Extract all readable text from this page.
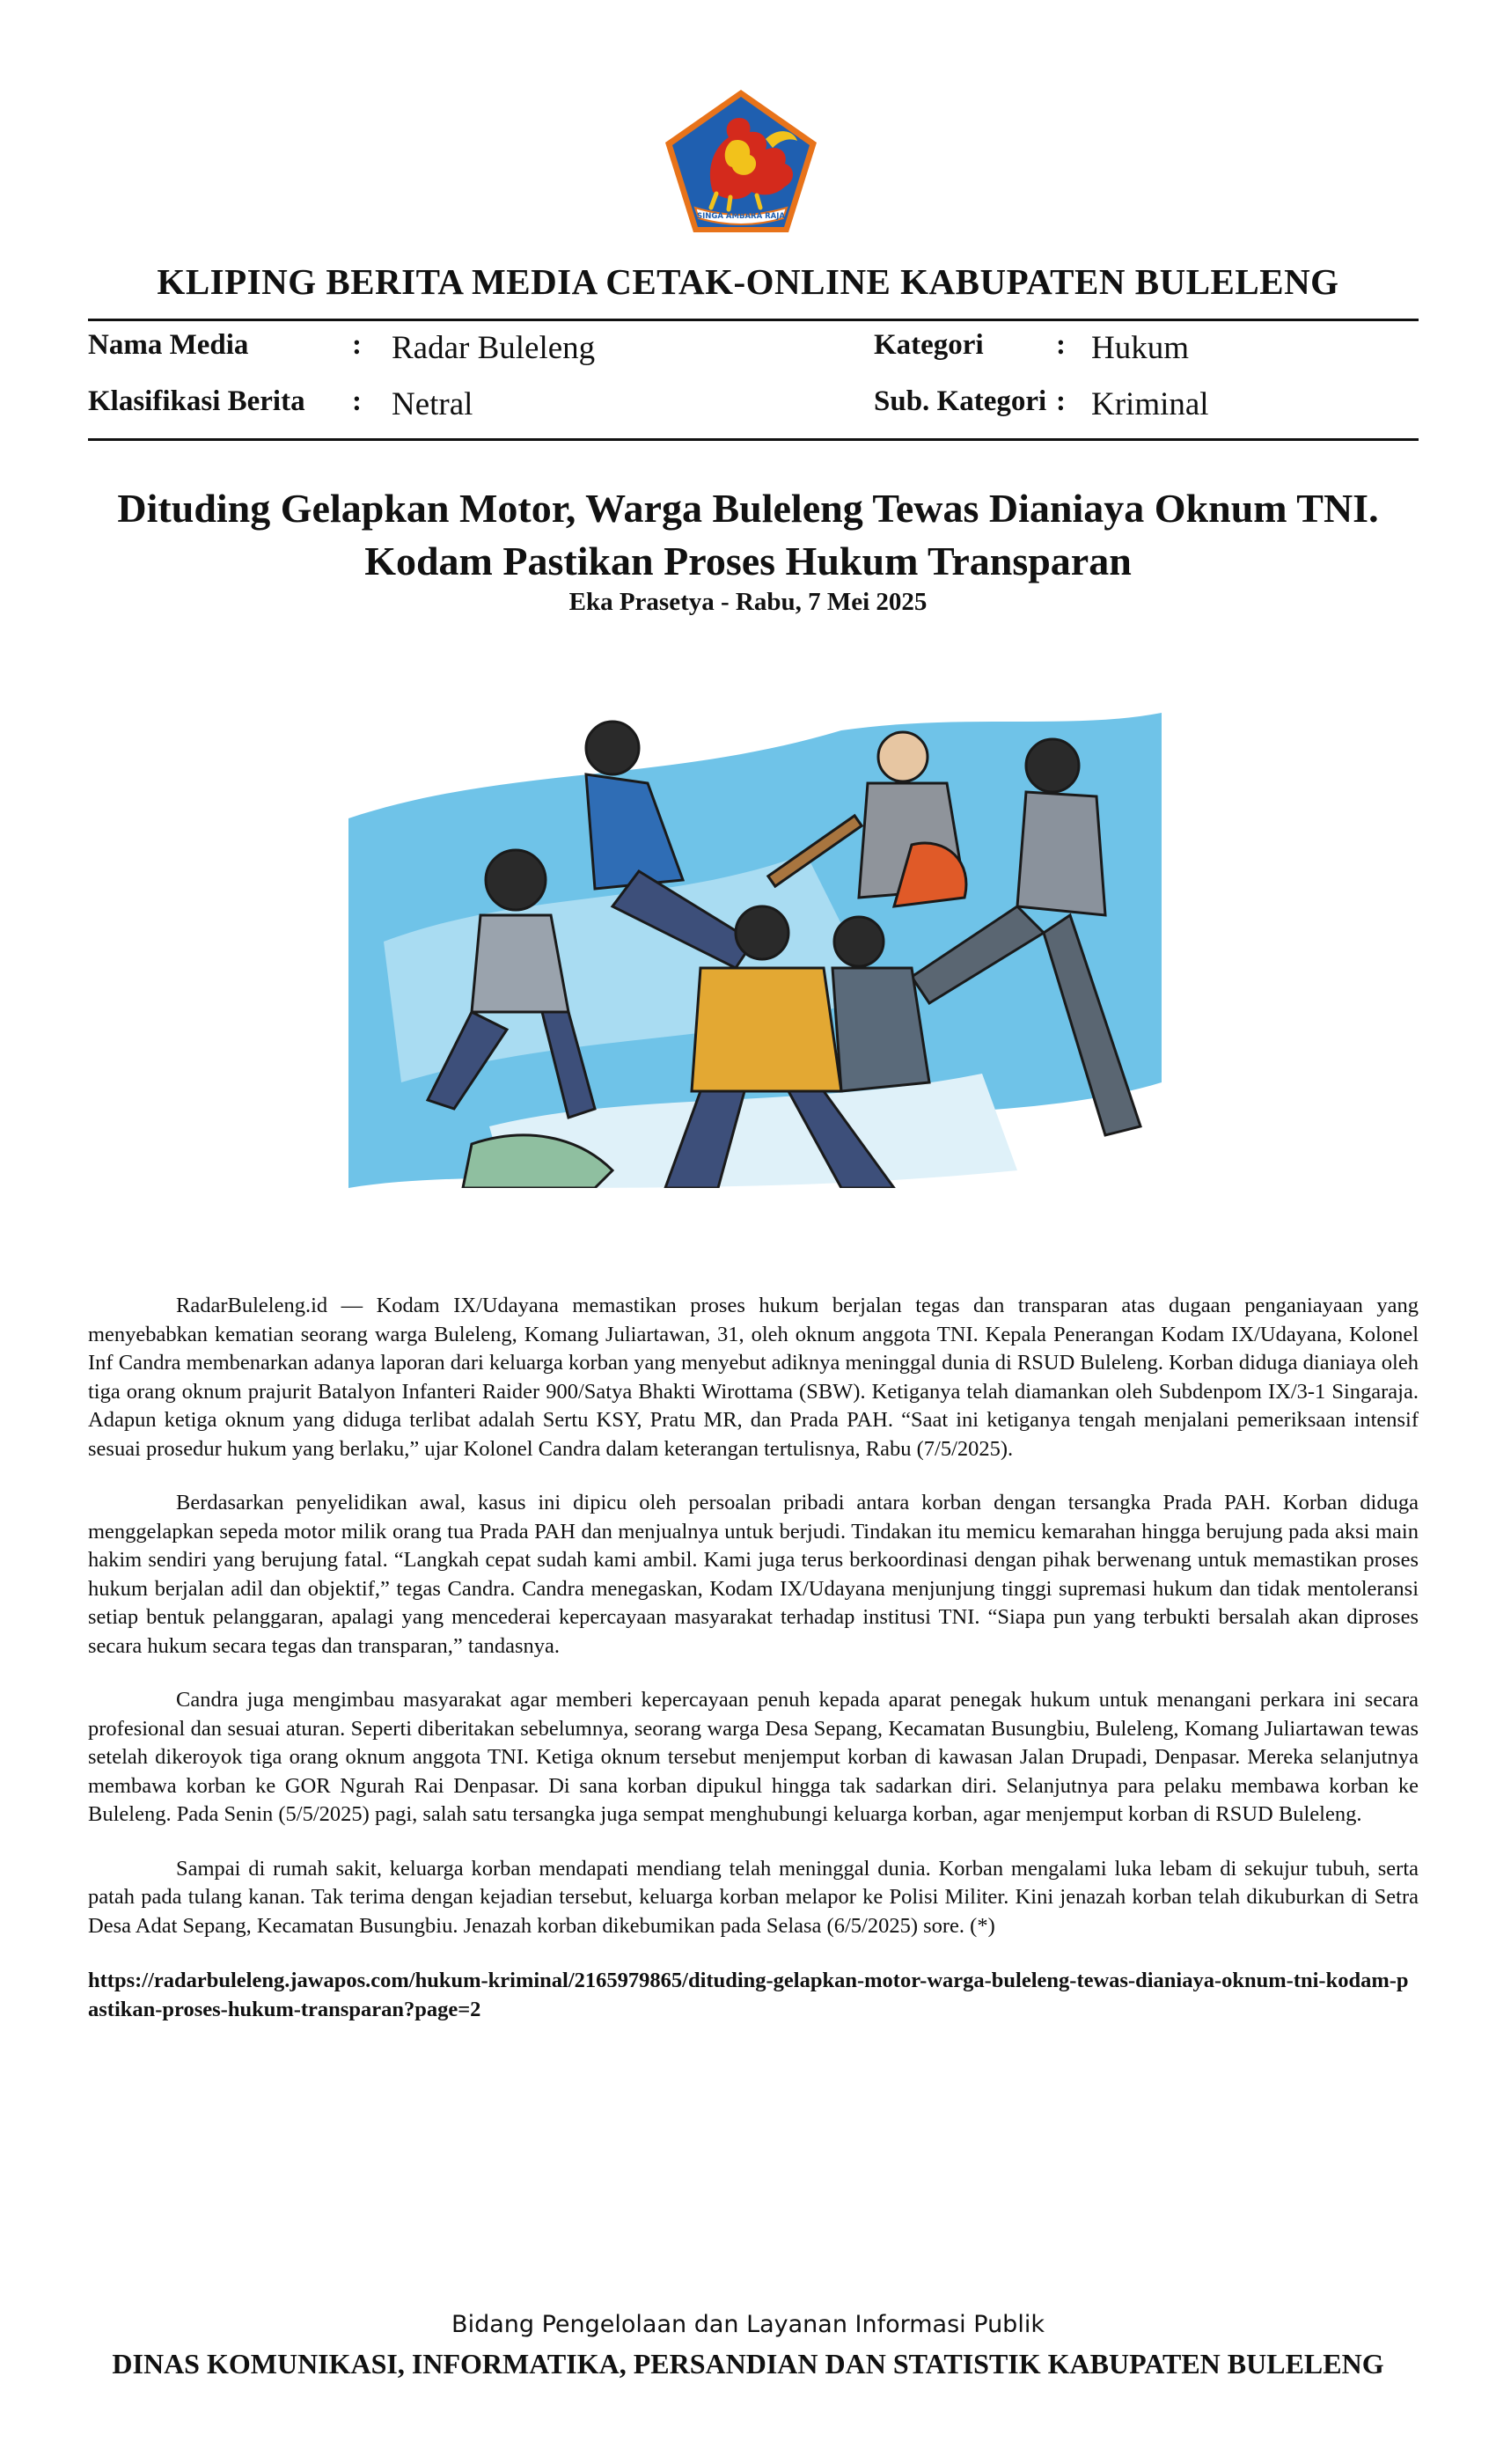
SINGA AMBARA RAJA
KLIPING BERITA MEDIA CETAK-ONLINE KABUPATEN BULELENG
Nama Media	: Radar Buleleng
Klasifikasi Berita : Netral
Kategori : Hukum
Sub. Kategori : Kriminal
Dituding Gelapkan Motor, Warga Buleleng Tewas Dianiaya Oknum TNI. Kodam Pastikan Proses Hukum Transparan
Eka Prasetya - Rabu, 7 Mei 2025

RadarBuleleng.id — Kodam IX/Udayana memastikan proses hukum berjalan tegas dan transparan atas dugaan penganiayaan yang menyebabkan kematian seorang warga Buleleng, Komang Juliartawan, 31, oleh oknum anggota TNI. Kepala Penerangan Kodam IX/Udayana, Kolonel Inf Candra membenarkan adanya laporan dari keluarga korban yang menyebut adiknya meninggal dunia di RSUD Buleleng. Korban diduga dianiaya oleh tiga orang oknum prajurit Batalyon Infanteri Raider 900/Satya Bhakti Wirottama (SBW). Ketiganya telah diamankan oleh Subdenpom IX/3-1 Singaraja. Adapun ketiga oknum yang diduga terlibat adalah Sertu KSY, Pratu MR, dan Prada PAH. “Saat ini ketiganya tengah menjalani pemeriksaan intensif sesuai prosedur hukum yang berlaku,” ujar Kolonel Candra dalam keterangan tertulisnya, Rabu (7/5/2025).

Berdasarkan penyelidikan awal, kasus ini dipicu oleh persoalan pribadi antara korban dengan tersangka Prada PAH. Korban diduga menggelapkan sepeda motor milik orang tua Prada PAH dan menjualnya untuk berjudi. Tindakan itu memicu kemarahan hingga berujung pada aksi main hakim sendiri yang berujung fatal. “Langkah cepat sudah kami ambil. Kami juga terus berkoordinasi dengan pihak berwenang untuk memastikan proses hukum berjalan adil dan objektif,” tegas Candra. Candra menegaskan, Kodam IX/Udayana menjunjung tinggi supremasi hukum dan tidak mentoleransi setiap bentuk pelanggaran, apalagi yang mencederai kepercayaan masyarakat terhadap institusi TNI. “Siapa pun yang terbukti bersalah akan diproses secara hukum secara tegas dan transparan,” tandasnya.

Candra juga mengimbau masyarakat agar memberi kepercayaan penuh kepada aparat penegak hukum untuk menangani perkara ini secara profesional dan sesuai aturan. Seperti diberitakan sebelumnya, seorang warga Desa Sepang, Kecamatan Busungbiu, Buleleng, Komang Juliartawan tewas setelah dikeroyok tiga orang oknum anggota TNI. Ketiga oknum tersebut menjemput korban di kawasan Jalan Drupadi, Denpasar. Mereka selanjutnya membawa korban ke GOR Ngurah Rai Denpasar. Di sana korban dipukul hingga tak sadarkan diri. Selanjutnya para pelaku membawa korban ke Buleleng. Pada Senin (5/5/2025) pagi, salah satu tersangka juga sempat menghubungi keluarga korban, agar menjemput korban di RSUD Buleleng.

Sampai di rumah sakit, keluarga korban mendapati mendiang telah meninggal dunia. Korban mengalami luka lebam di sekujur tubuh, serta patah pada tulang kanan. Tak terima dengan kejadian tersebut, keluarga korban melapor ke Polisi Militer. Kini jenazah korban telah dikuburkan di Setra Desa Adat Sepang, Kecamatan Busungbiu. Jenazah korban dikebumikan pada Selasa (6/5/2025) sore. (*)

https://radarbuleleng.jawapos.com/hukum-kriminal/2165979865/dituding-gelapkan-motor-warga-buleleng-tewas-dianiaya-oknum-tni-kodam-pastikan-proses-hukum-transparan?page=2
Bidang Pengelolaan dan Layanan Informasi Publik
DINAS KOMUNIKASI, INFORMATIKA, PERSANDIAN DAN STATISTIK KABUPATEN BULELENG
